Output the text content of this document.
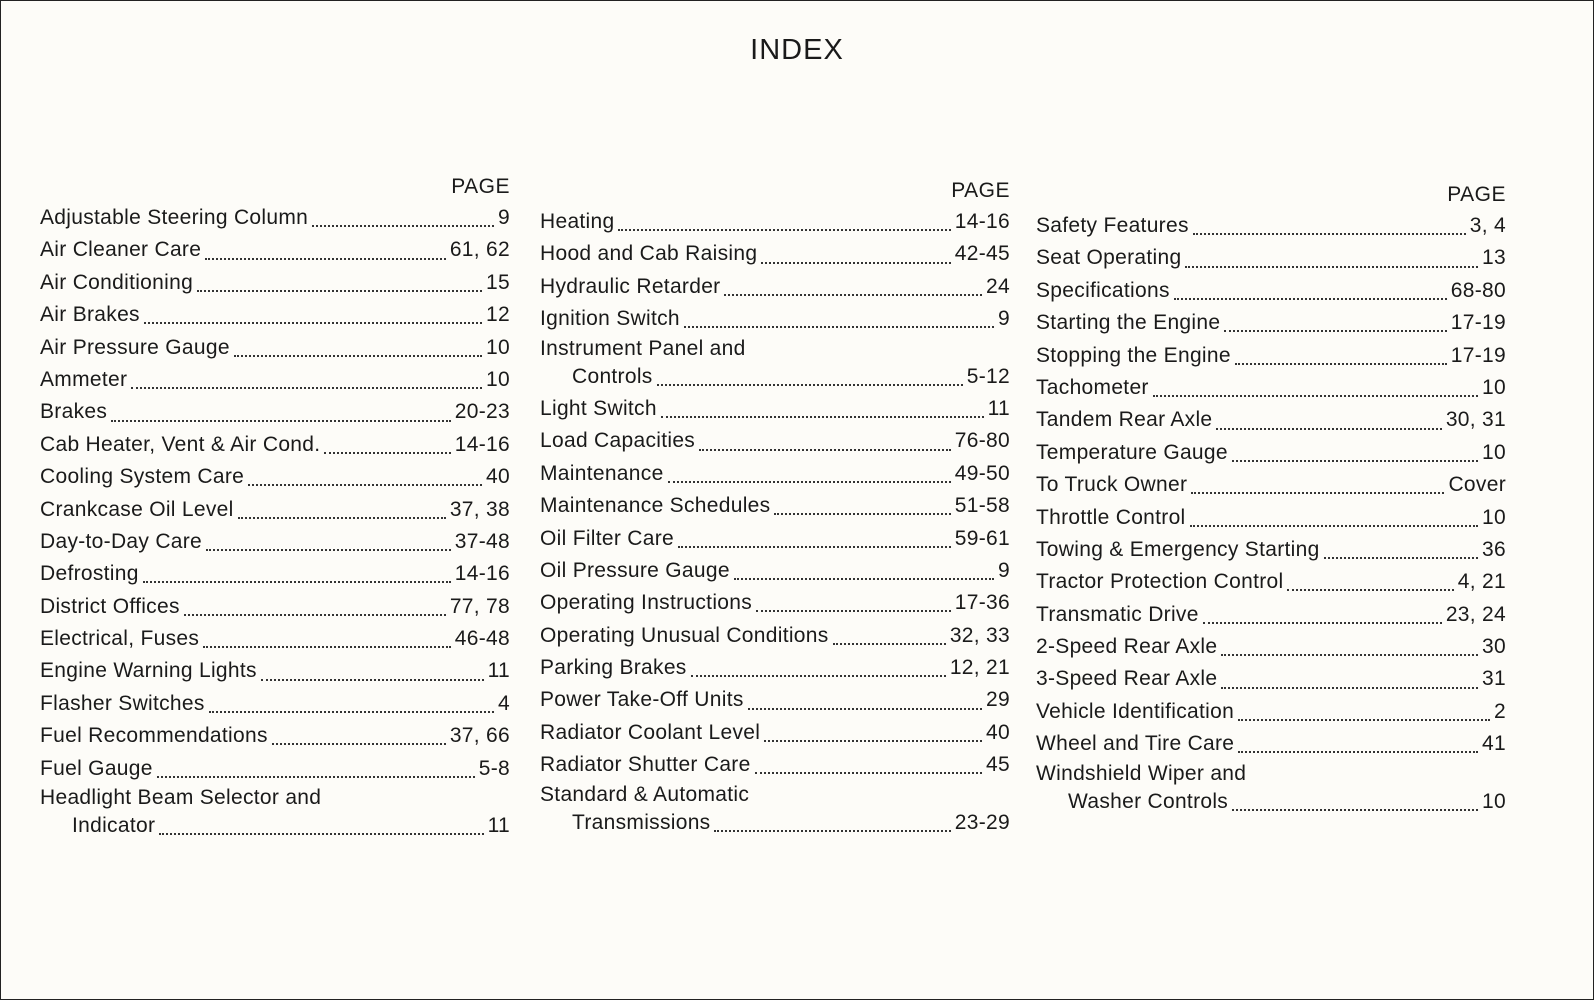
INDEX
PAGE
Adjustable Steering Column	9
Air Cleaner Care	61, 62
Air Conditioning	15
Air Brakes	12
Air Pressure Gauge	10
Ammeter	10
Brakes	20-23
Cab Heater, Vent & Air Cond.	14-16
Cooling System Care	40
Crankcase Oil Level	37, 38
Day-to-Day Care	37-48
Defrosting	14-16
District Offices	77, 78
Electrical, Fuses	46-48
Engine Warning Lights	11
Flasher Switches	4
Fuel Recommendations	37, 66
Fuel Gauge	5-8
Headlight Beam Selector and
Indicator	11
PAGE
Heating	14-16
Hood and Cab Raising	42-45
Hydraulic Retarder	24
Ignition Switch	9
Instrument Panel and
Controls	5-12
Light Switch	11
Load Capacities	76-80
Maintenance	49-50
Maintenance Schedules	51-58
Oil Filter Care	59-61
Oil Pressure Gauge	9
Operating Instructions	17-36
Operating Unusual Conditions	32, 33
Parking Brakes	12, 21
Power Take-Off Units	29
Radiator Coolant Level	40
Radiator Shutter Care	45
Standard & Automatic
Transmissions	23-29
PAGE
Safety Features	3, 4
Seat Operating	13
Specifications	68-80
Starting the Engine	17-19
Stopping the Engine	17-19
Tachometer	10
Tandem Rear Axle	30, 31
Temperature Gauge	10
To Truck Owner	Cover
Throttle Control	10
Towing & Emergency Starting	36
Tractor Protection Control	4, 21
Transmatic Drive	23, 24
2-Speed Rear Axle	30
3-Speed Rear Axle	31
Vehicle Identification	2
Wheel and Tire Care	41
Windshield Wiper and
Washer Controls	10
